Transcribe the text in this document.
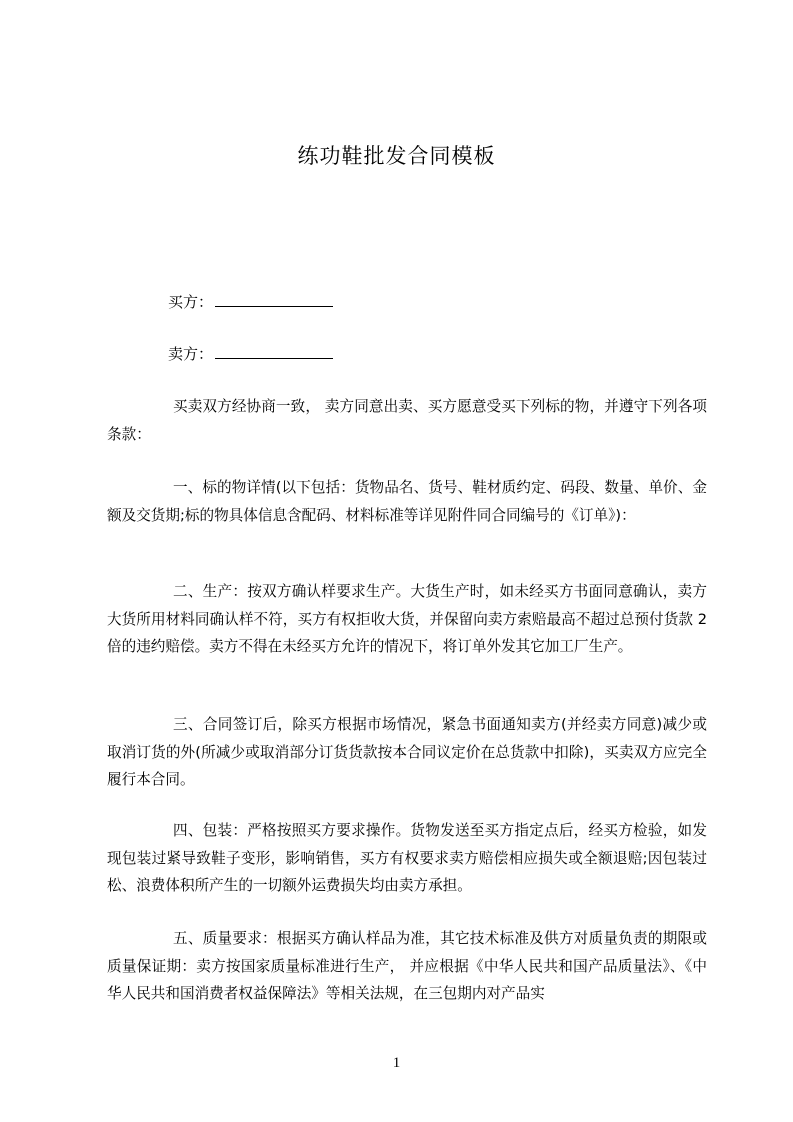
练功鞋批发合同模板
买方：
卖方：

买卖双方经协商一致， 卖方同意出卖、买方愿意受买下列标的物，并遵守下列各项条款：

一、标的物详情(以下包括：货物品名、货号、鞋材质约定、码段、数量、单价、金额及交货期;标的物具体信息含配码、材料标准等详见附件同合同编号的《订单》)：

二、生产：按双方确认样要求生产。大货生产时，如未经买方书面同意确认，卖方大货所用材料同确认样不符，买方有权拒收大货，并保留向卖方索赔最高不超过总预付货款 2 倍的违约赔偿。卖方不得在未经买方允许的情况下，将订单外发其它加工厂生产。

三、合同签订后，除买方根据市场情况，紧急书面通知卖方(并经卖方同意)减少或取消订货的外(所减少或取消部分订货货款按本合同议定价在总货款中扣除)，买卖双方应完全履行本合同。

四、包装：严格按照买方要求操作。货物发送至买方指定点后，经买方检验，如发现包装过紧导致鞋子变形，影响销售，买方有权要求卖方赔偿相应损失或全额退赔;因包装过松、浪费体积所产生的一切额外运费损失均由卖方承担。

五、质量要求：根据买方确认样品为准，其它技术标准及供方对质量负责的期限或质量保证期：卖方按国家质量标准进行生产， 并应根据《中华人民共和国产品质量法》、《中华人民共和国消费者权益保障法》等相关法规，在三包期内对产品实

1
